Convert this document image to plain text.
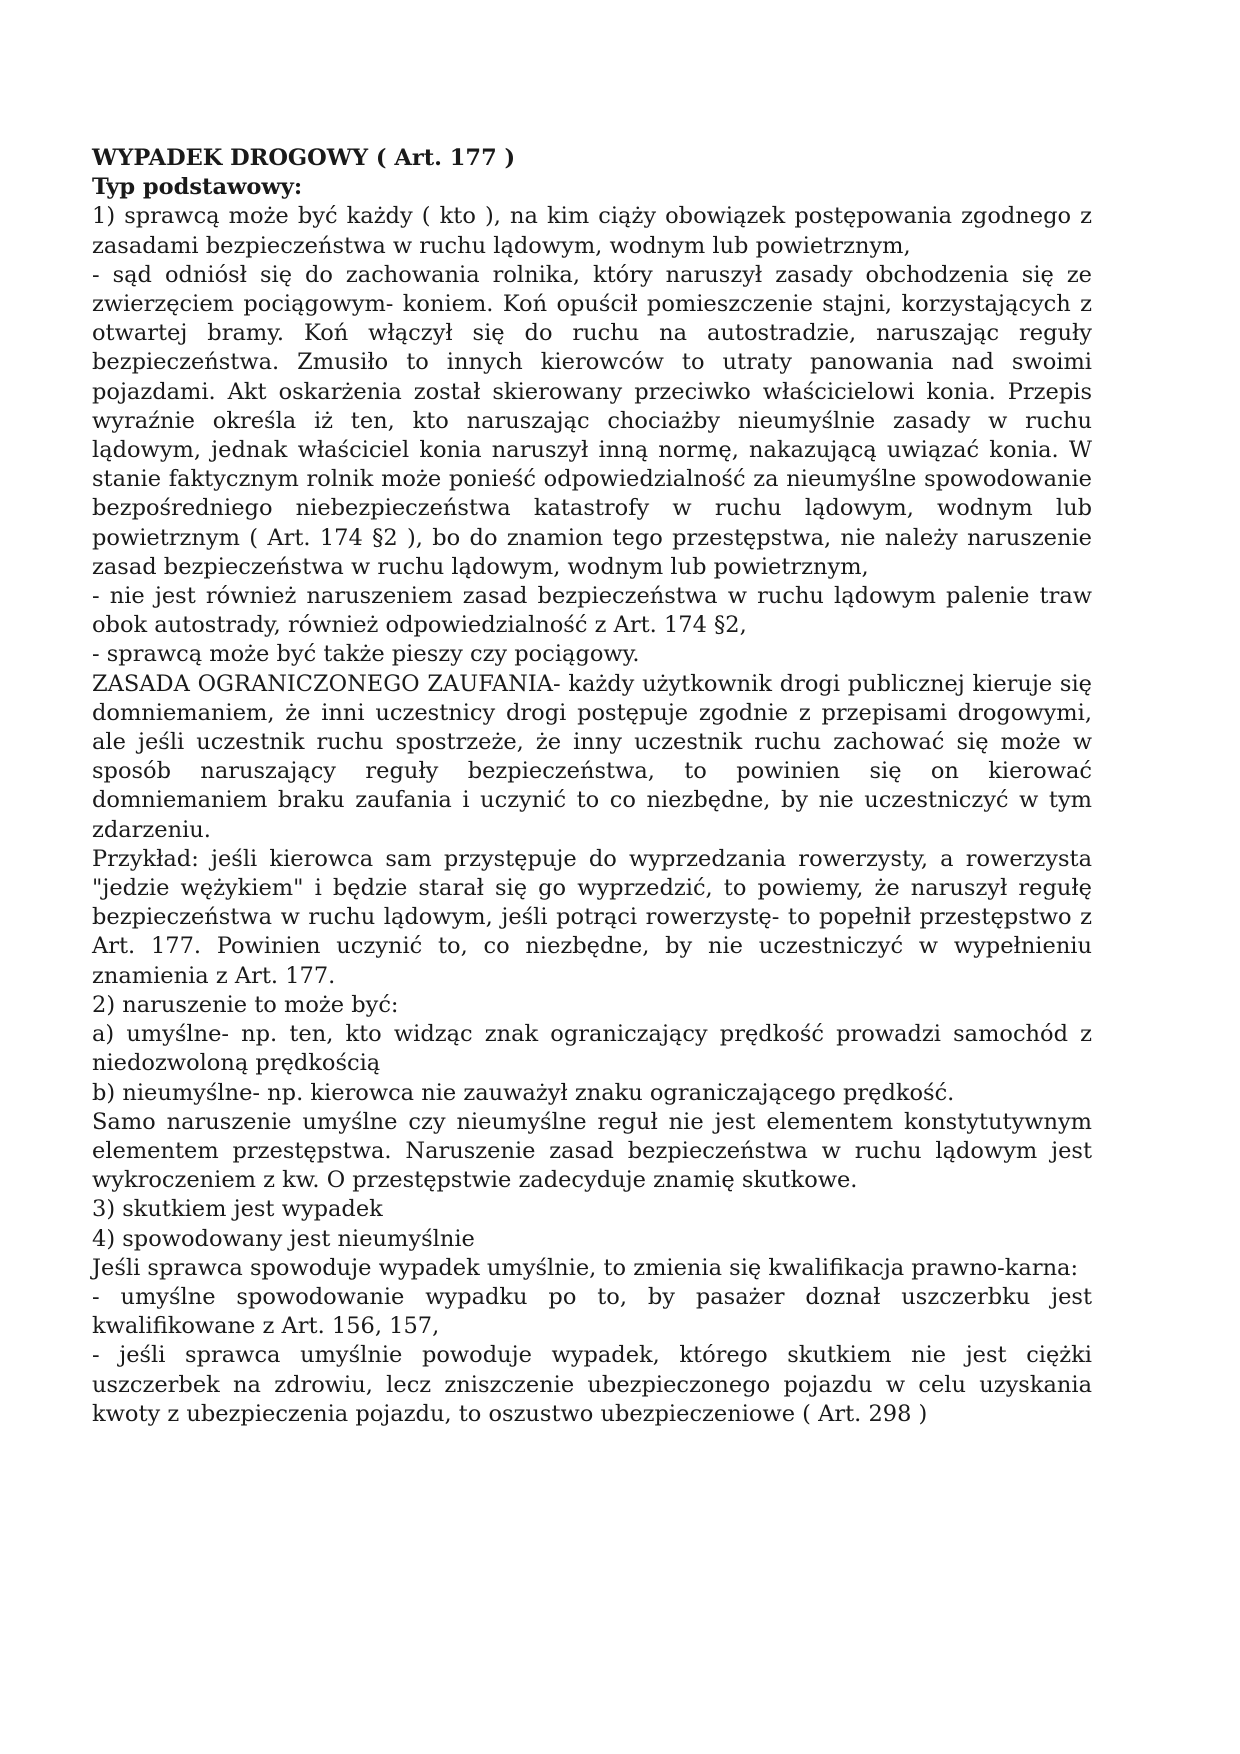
WYPADEK DROGOWY ( Art. 177 )

Typ podstawowy:

1) sprawcą może być każdy ( kto ), na kim ciąży obowiązek postępowania zgodnego z zasadami bezpieczeństwa w ruchu lądowym, wodnym lub powietrznym,

- sąd odniósł się do zachowania rolnika, który naruszył zasady obchodzenia się ze zwierzęciem pociągowym- koniem. Koń opuścił pomieszczenie stajni, korzystających z otwartej bramy. Koń włączył się do ruchu na autostradzie, naruszając reguły bezpieczeństwa. Zmusiło to innych kierowców to utraty panowania nad swoimi pojazdami. Akt oskarżenia został skierowany przeciwko właścicielowi konia. Przepis wyraźnie określa iż ten, kto naruszając chociażby nieumyślnie zasady w ruchu lądowym, jednak właściciel konia naruszył inną normę, nakazującą uwiązać konia. W stanie faktycznym rolnik może ponieść odpowiedzialność za nieumyślne spowodowanie bezpośredniego niebezpieczeństwa katastrofy w ruchu lądowym, wodnym lub powietrznym ( Art. 174 §2 ), bo do znamion tego przestępstwa, nie należy naruszenie zasad bezpieczeństwa w ruchu lądowym, wodnym lub powietrznym,

- nie jest również naruszeniem zasad bezpieczeństwa w ruchu lądowym palenie traw obok autostrady, również odpowiedzialność z Art. 174 §2,

- sprawcą może być także pieszy czy pociągowy.

ZASADA OGRANICZONEGO ZAUFANIA- każdy użytkownik drogi publicznej kieruje się domniemaniem, że inni uczestnicy drogi postępuje zgodnie z przepisami drogowymi, ale jeśli uczestnik ruchu spostrzeże, że inny uczestnik ruchu zachować się może w sposób naruszający reguły bezpieczeństwa, to powinien się on kierować domniemaniem braku zaufania i uczynić to co niezbędne, by nie uczestniczyć w tym zdarzeniu.

Przykład: jeśli kierowca sam przystępuje do wyprzedzania rowerzysty, a rowerzysta "jedzie wężykiem" i będzie starał się go wyprzedzić, to powiemy, że naruszył regułę bezpieczeństwa w ruchu lądowym, jeśli potrąci rowerzystę- to popełnił przestępstwo z Art. 177. Powinien uczynić to, co niezbędne, by nie uczestniczyć w wypełnieniu znamienia z Art. 177.

2) naruszenie to może być:

a) umyślne- np. ten, kto widząc znak ograniczający prędkość prowadzi samochód z niedozwoloną prędkością

b) nieumyślne- np. kierowca nie zauważył znaku ograniczającego prędkość.

Samo naruszenie umyślne czy nieumyślne reguł nie jest elementem konstytutywnym elementem przestępstwa. Naruszenie zasad bezpieczeństwa w ruchu lądowym jest wykroczeniem z kw. O przestępstwie zadecyduje znamię skutkowe.

3) skutkiem jest wypadek

4) spowodowany jest nieumyślnie

Jeśli sprawca spowoduje wypadek umyślnie, to zmienia się kwalifikacja prawno-karna:

- umyślne spowodowanie wypadku po to, by pasażer doznał uszczerbku jest kwalifikowane z Art. 156, 157,

- jeśli sprawca umyślnie powoduje wypadek, którego skutkiem nie jest ciężki uszczerbek na zdrowiu, lecz zniszczenie ubezpieczonego pojazdu w celu uzyskania kwoty z ubezpieczenia pojazdu, to oszustwo ubezpieczeniowe ( Art. 298 )
